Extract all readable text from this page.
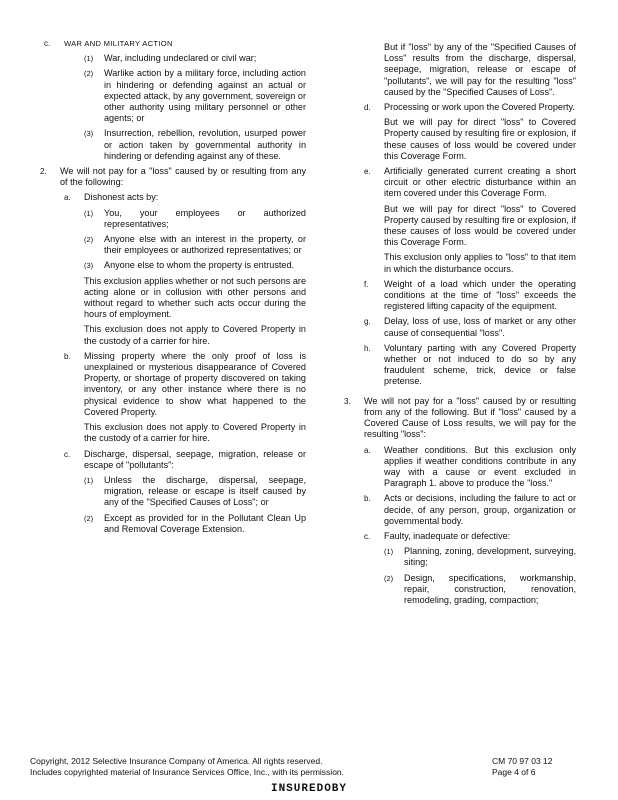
c. WAR AND MILITARY ACTION
(1) War, including undeclared or civil war;
(2) Warlike action by a military force, including action in hindering or defending against an actual or expected attack, by any government, sovereign or other authority using military personnel or other agents; or
(3) Insurrection, rebellion, revolution, usurped power or action taken by governmental authority in hindering or defending against any of these.
2. We will not pay for a "loss" caused by or resulting from any of the following:
a. Dishonest acts by:
(1) You, your employees or authorized representatives;
(2) Anyone else with an interest in the property, or their employees or authorized representatives; or
(3) Anyone else to whom the property is entrusted.
This exclusion applies whether or not such persons are acting alone or in collusion with other persons and without regard to whether such acts occur during the hours of employment.
This exclusion does not apply to Covered Property in the custody of a carrier for hire.
b. Missing property where the only proof of loss is unexplained or mysterious disappearance of Covered Property, or shortage of property discovered on taking inventory, or any other instance where there is no physical evidence to show what happened to the Covered Property.
This exclusion does not apply to Covered Property in the custody of a carrier for hire.
c. Discharge, dispersal, seepage, migration, release or escape of "pollutants":
(1) Unless the discharge, dispersal, seepage, migration, release or escape is itself caused by any of the "Specified Causes of Loss"; or
(2) Except as provided for in the Pollutant Clean Up and Removal Coverage Extension.
But if "loss" by any of the "Specified Causes of Loss" results from the discharge, dispersal, seepage, migration, release or escape of "pollutants", we will pay for the resulting "loss" caused by the "Specified Causes of Loss".
d. Processing or work upon the Covered Property.
But we will pay for direct "loss" to Covered Property caused by resulting fire or explosion, if these causes of loss would be covered under this Coverage Form.
e. Artificially generated current creating a short circuit or other electric disturbance within an item covered under this Coverage Form.
But we will pay for direct "loss" to Covered Property caused by resulting fire or explosion, if these causes of loss would be covered under this Coverage Form.
This exclusion only applies to "loss" to that item in which the disturbance occurs.
f. Weight of a load which under the operating conditions at the time of "loss" exceeds the registered lifting capacity of the equipment.
g. Delay, loss of use, loss of market or any other cause of consequential "loss".
h. Voluntary parting with any Covered Property whether or not induced to do so by any fraudulent scheme, trick, device or false pretense.
3. We will not pay for a "loss" caused by or resulting from any of the following. But if "loss" caused by a Covered Cause of Loss results, we will pay for the resulting "loss":
a. Weather conditions. But this exclusion only applies if weather conditions contribute in any way with a cause or event excluded in Paragraph 1. above to produce the "loss."
b. Acts or decisions, including the failure to act or decide, of any person, group, organization or governmental body.
c. Faulty, inadequate or defective:
(1) Planning, zoning, development, surveying, siting;
(2) Design, specifications, workmanship, repair, construction, renovation, remodeling, grading, compaction;
Copyright, 2012 Selective Insurance Company of America. All rights reserved.
Includes copyrighted material of Insurance Services Office, Inc., with its permission.
CM 70 97 03 12
Page 4 of 6
INSUREDOBY
